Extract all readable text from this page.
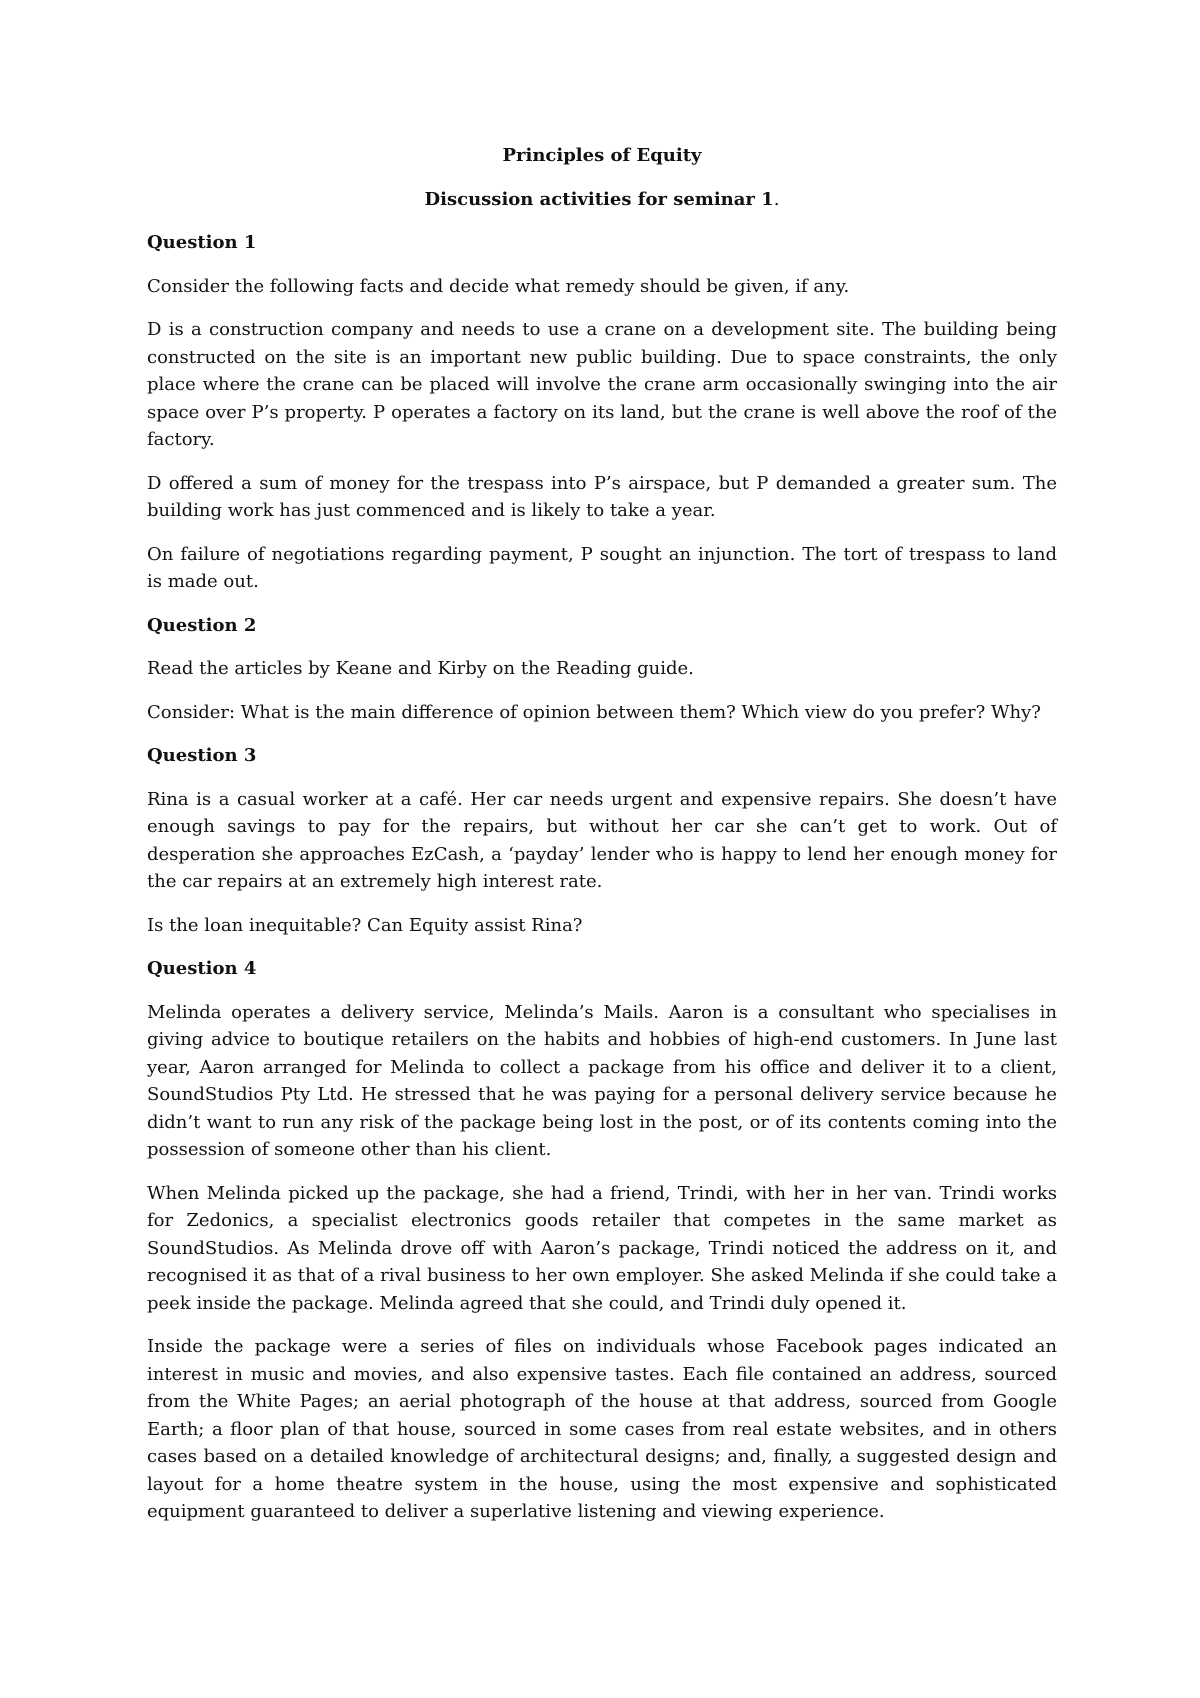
Principles of Equity
Discussion activities for seminar 1.
Question 1

Consider the following facts and decide what remedy should be given, if any.

D is a construction company and needs to use a crane on a development site. The building being constructed on the site is an important new public building. Due to space constraints, the only place where the crane can be placed will involve the crane arm occasionally swinging into the air space over P’s property. P operates a factory on its land, but the crane is well above the roof of the factory.

D offered a sum of money for the trespass into P’s airspace, but P demanded a greater sum. The building work has just commenced and is likely to take a year.

On failure of negotiations regarding payment, P sought an injunction. The tort of trespass to land is made out.

Question 2

Read the articles by Keane and Kirby on the Reading guide.

Consider: What is the main difference of opinion between them? Which view do you prefer? Why?

Question 3

Rina is a casual worker at a café. Her car needs urgent and expensive repairs. She doesn’t have enough savings to pay for the repairs, but without her car she can’t get to work. Out of desperation she approaches EzCash, a ‘payday’ lender who is happy to lend her enough money for the car repairs at an extremely high interest rate.

Is the loan inequitable? Can Equity assist Rina?

Question 4

Melinda operates a delivery service, Melinda’s Mails. Aaron is a consultant who specialises in giving advice to boutique retailers on the habits and hobbies of high-end customers. In June last year, Aaron arranged for Melinda to collect a package from his office and deliver it to a client, SoundStudios Pty Ltd. He stressed that he was paying for a personal delivery service because he didn’t want to run any risk of the package being lost in the post, or of its contents coming into the possession of someone other than his client.

When Melinda picked up the package, she had a friend, Trindi, with her in her van. Trindi works for Zedonics, a specialist electronics goods retailer that competes in the same market as SoundStudios. As Melinda drove off with Aaron’s package, Trindi noticed the address on it, and recognised it as that of a rival business to her own employer. She asked Melinda if she could take a peek inside the package. Melinda agreed that she could, and Trindi duly opened it.

Inside the package were a series of files on individuals whose Facebook pages indicated an interest in music and movies, and also expensive tastes. Each file contained an address, sourced from the White Pages; an aerial photograph of the house at that address, sourced from Google Earth; a floor plan of that house, sourced in some cases from real estate websites, and in others cases based on a detailed knowledge of architectural designs; and, finally, a suggested design and layout for a home theatre system in the house, using the most expensive and sophisticated equipment guaranteed to deliver a superlative listening and viewing experience.
